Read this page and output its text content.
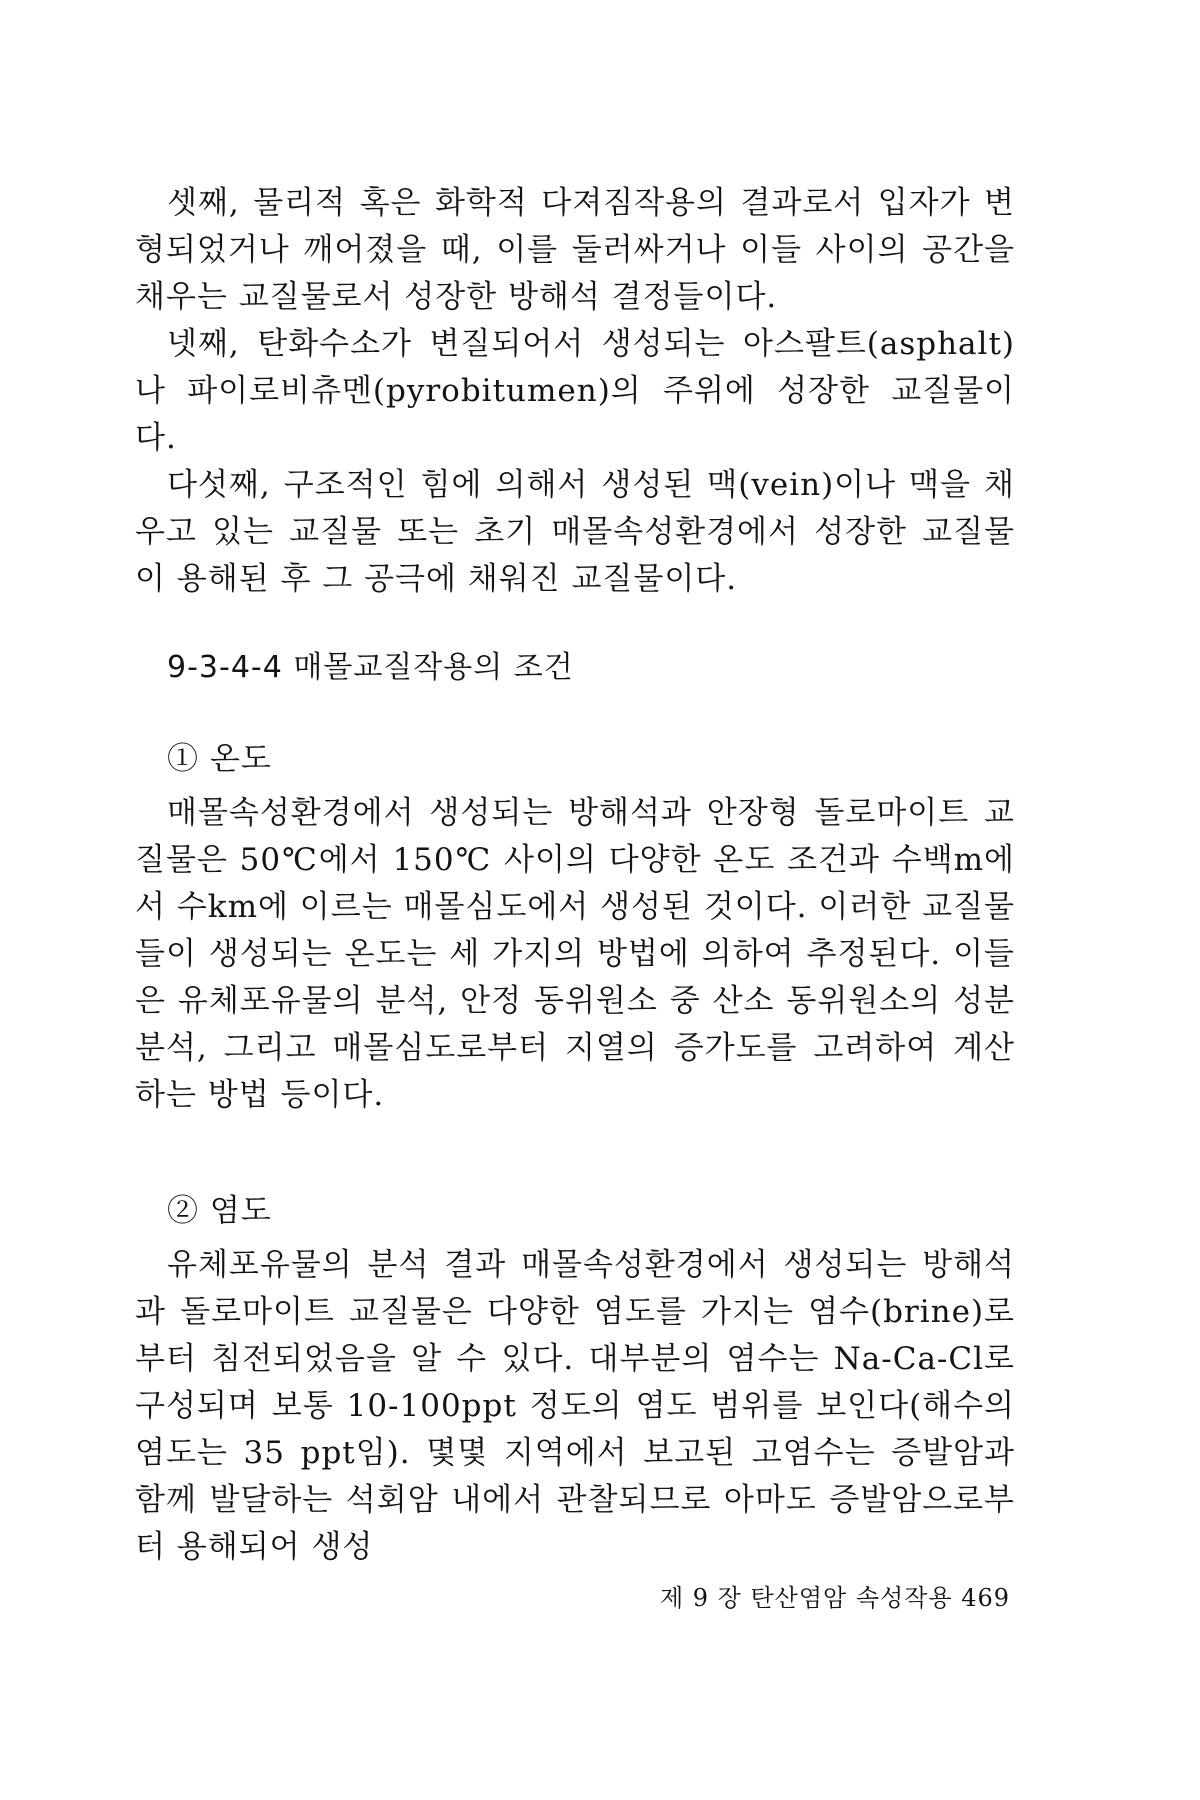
셋째, 물리적 혹은 화학적 다져짐작용의 결과로서 입자가 변형되었거나 깨어졌을 때, 이를 둘러싸거나 이들 사이의 공간을 채우는 교질물로서 성장한 방해석 결정들이다.

넷째, 탄화수소가 변질되어서 생성되는 아스팔트(asphalt)나 파이로비츄멘(pyrobitumen)의 주위에 성장한 교질물이다.

다섯째, 구조적인 힘에 의해서 생성된 맥(vein)이나 맥을 채우고 있는 교질물 또는 초기 매몰속성환경에서 성장한 교질물이 용해된 후 그 공극에 채워진 교질물이다.

9-3-4-4 매몰교질작용의 조건
① 온도

매몰속성환경에서 생성되는 방해석과 안장형 돌로마이트 교질물은 50℃에서 150℃ 사이의 다양한 온도 조건과 수백m에서 수km에 이르는 매몰심도에서 생성된 것이다. 이러한 교질물들이 생성되는 온도는 세 가지의 방법에 의하여 추정된다. 이들은 유체포유물의 분석, 안정 동위원소 중 산소 동위원소의 성분 분석, 그리고 매몰심도로부터 지열의 증가도를 고려하여 계산하는 방법 등이다.

② 염도

유체포유물의 분석 결과 매몰속성환경에서 생성되는 방해석과 돌로마이트 교질물은 다양한 염도를 가지는 염수(brine)로부터 침전되었음을 알 수 있다. 대부분의 염수는 Na-Ca-Cl로 구성되며 보통 10-100ppt 정도의 염도 범위를 보인다(해수의 염도는 35 ppt임). 몇몇 지역에서 보고된 고염수는 증발암과 함께 발달하는 석회암 내에서 관찰되므로 아마도 증발암으로부터 용해되어 생성

제 9 장 탄산염암 속성작용 469
